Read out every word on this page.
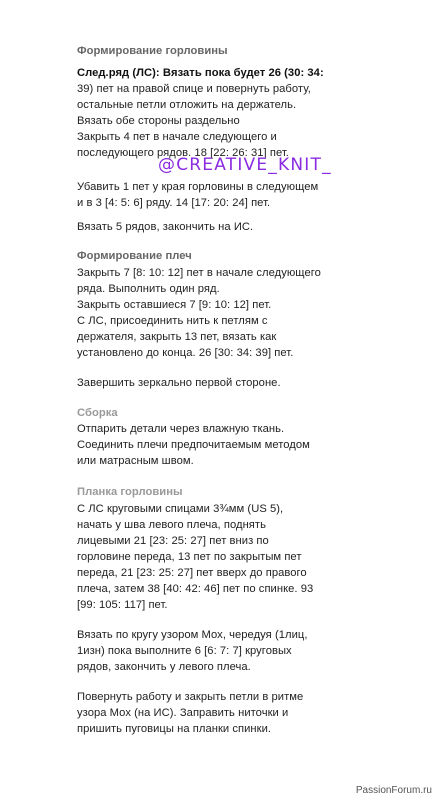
Формирование горловины
След.ряд (ЛС): Вязать пока будет 26 (30: 34:
39) пет на правой спице и повернуть работу,
остальные петли отложить на держатель.
Вязать обе стороны раздельно
Закрыть 4 пет в начале следующего и
последующего рядов. 18 [22: 26: 31] пет.
@CREATIVE_KNIT_
Убавить 1 пет у края горловины в следующем
и в 3 [4: 5: 6] ряду. 14 [17: 20: 24] пет.
Вязать 5 рядов, закончить на ИС.
Формирование плеч
Закрыть 7 [8: 10: 12] пет в начале следующего
ряда. Выполнить один ряд.
Закрыть оставшиеся 7 [9: 10: 12] пет.
С ЛС, присоединить нить к петлям с
держателя, закрыть 13 пет, вязать как
установлено до конца. 26 [30: 34: 39] пет.
Завершить зеркально первой стороне.
Сборка
Отпарить детали через влажную ткань.
Соединить плечи предпочитаемым методом
или матрасным швом.
Планка горловины
С ЛС круговыми спицами 3¾мм (US 5),
начать у шва левого плеча, поднять
лицевыми 21 [23: 25: 27] пет вниз по
горловине переда, 13 пет по закрытым пет
переда, 21 [23: 25: 27] пет вверх до правого
плеча, затем 38 [40: 42: 46] пет по спинке. 93
[99: 105: 117] пет.
Вязать по кругу узором Мох, чередуя (1лиц,
1изн) пока выполните 6 [6: 7: 7] круговых
рядов, закончить у левого плеча.
Повернуть работу и закрыть петли в ритме
узора Мох (на ИС). Заправить ниточки и
пришить пуговицы на планки спинки.
PassionForum.ru
